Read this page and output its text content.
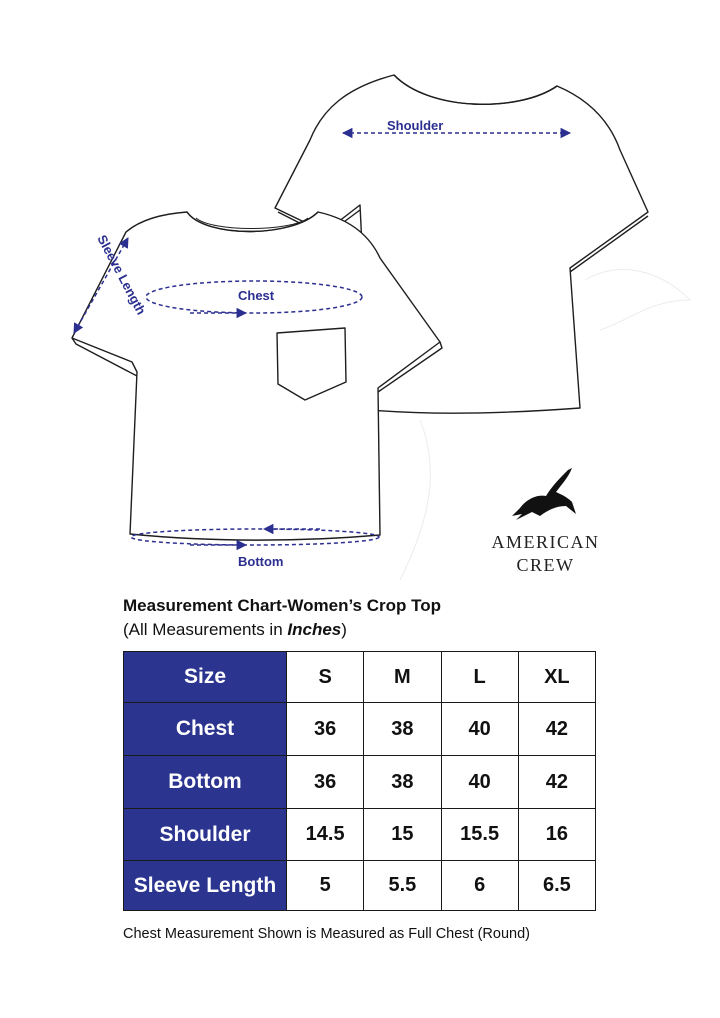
Shoulder
Chest
Bottom
Sleeve Length
AMERICAN
CREW
Measurement Chart-Women’s Crop Top
(All Measurements in Inches)
Size	S	M	L	XL
Chest	36	38	40	42
Bottom	36	38	40	42
Shoulder	14.5	15	15.5	16
Sleeve Length	5	5.5	6	6.5
Chest Measurement Shown is Measured as Full Chest (Round)
